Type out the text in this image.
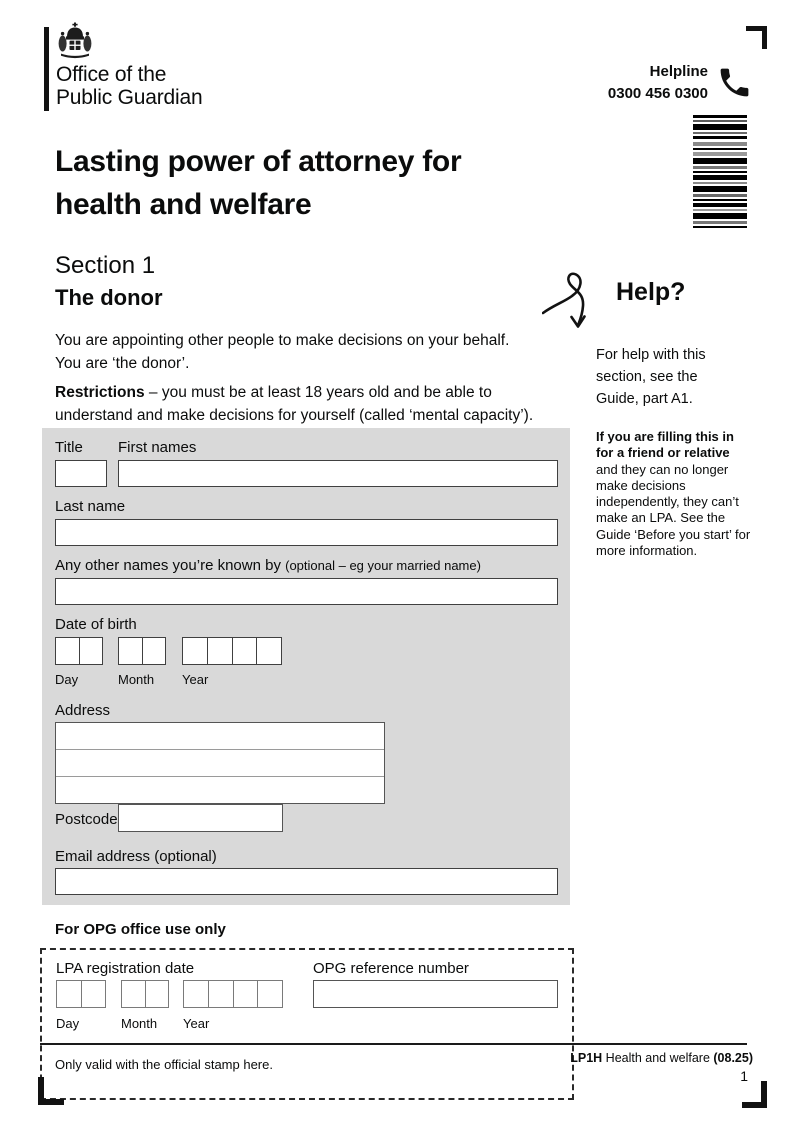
Office of the
Public Guardian
Helpline
0300 456 0300
Lasting power of attorney for
health and welfare
Section 1
The donor
You are appointing other people to make decisions on your behalf.
You are ‘the donor’.
Restrictions – you must be at least 18 years old and be able to understand and make decisions for yourself (called ‘mental capacity’).
Help?
For help with this section, see the Guide, part A1.
If you are filling this in for a friend or relative and they can no longer make decisions independently, they can’t make an LPA. See the Guide ‘Before you start’ for more information.
Title First names
Last name
Any other names you’re known by (optional – eg your married name)
Date of birth
Day	Month Year
Address
Postcode
Email address (optional)
For OPG office use only
LPA registration date	OPG reference number
Day	Month Year
Only valid with the official stamp here.	LP1H Health and welfare (08.25)
1
